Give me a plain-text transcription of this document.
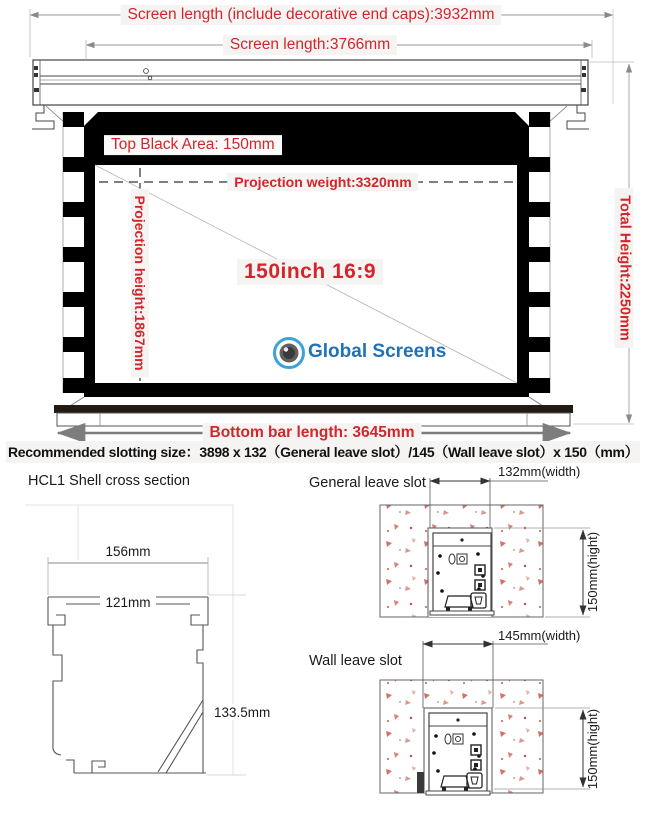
Screen length (include decorative end caps):3932mm
Screen length:3766mm
Top Black Area: 150mm
Projection weight:3320mm
Projection height:1867mm	150inch 16:9
Global Screens
Total Height:2250mm
Bottom bar length: 3645mm
Recommended slotting size：3898 x 132（General leave slot）/145（Wall leave slot）x 150（mm）
HCL1 Shell cross section
156mm
121mm
133.5mm
General leave slot
132mm(width)
150mm(hight)
Wall leave slot
145mm(width)
150mm(hight)
